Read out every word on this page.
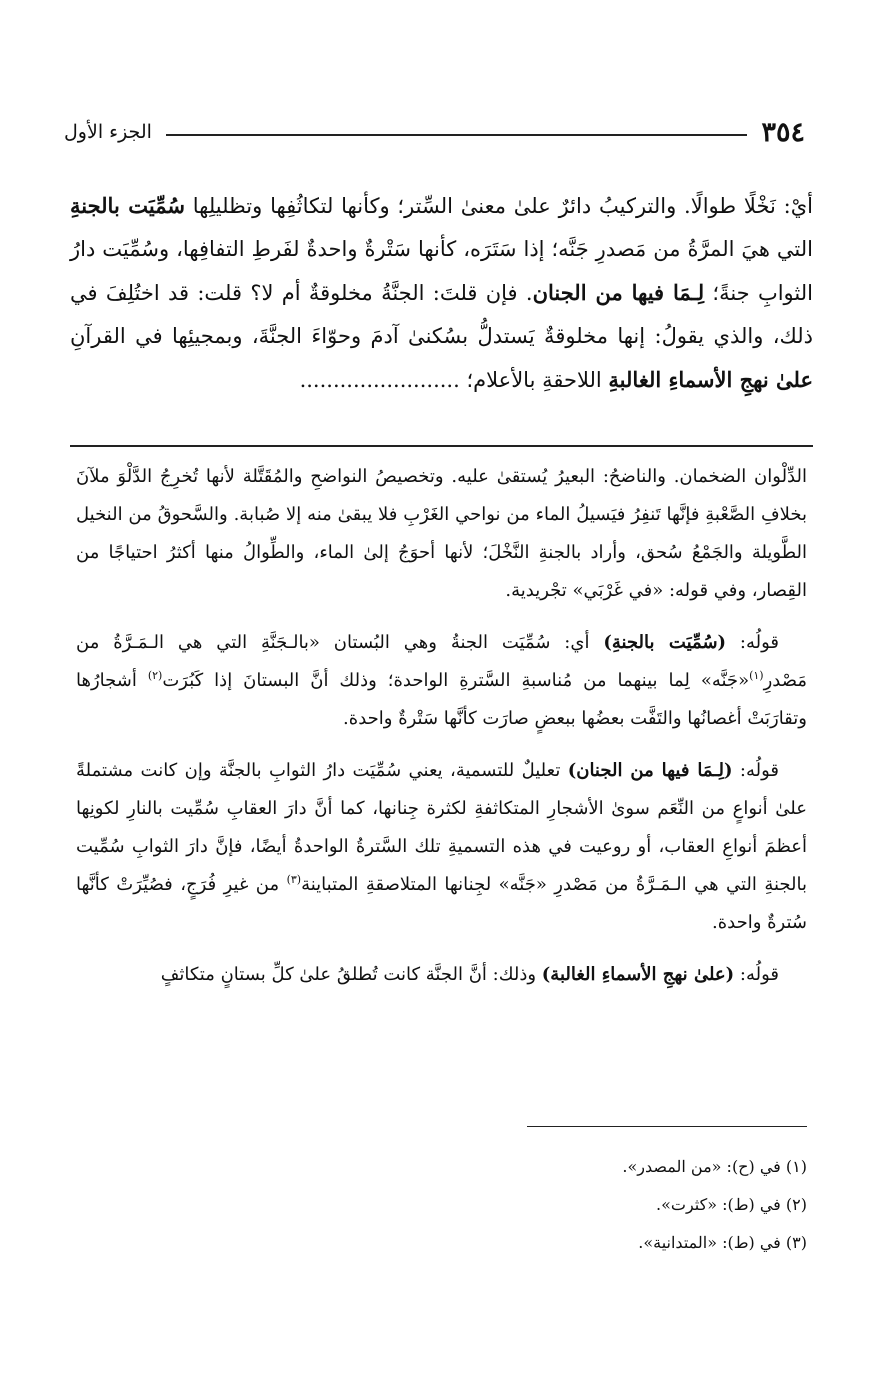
٣٥٤
الجزء الأول

أيْ: نَخْلًا طوالًا. والتركيبُ دائرٌ علىٰ معنىٰ السِّتر؛ وكأنها لتكاثُفِها وتظليلِها سُمِّيَت بالجنةِ التي هيَ المرَّةُ من مَصدرِ جَنَّه؛ إذا سَتَرَه، كأنها سَتْرةٌ واحدةٌ لفَرطِ التفافِها، وسُمِّيَت دارُ الثوابِ جنةً؛ لِـمَا فيها من الجنان. فإن قلتَ: الجنَّةُ مخلوقةٌ أم لا؟ قلت: قد اختُلِفَ في ذلك، والذي يقولُ: إنها مخلوقةٌ يَستدلُّ بسُكنىٰ آدمَ وحوّاءَ الجنَّةَ، وبمجيئِها في القرآنِ علىٰ نهجِ الأسماءِ الغالبةِ اللاحقةِ بالأعلام؛ ........................

الدِّلْوان الضخمان. والناضحُ: البعيرُ يُستقىٰ عليه. وتخصيصُ النواضحِ والمُقَتَّلة لأنها تُخرِجُ الدَّلْوَ ملآنَ بخلافِ الصَّعْبةِ فإنَّها تَنفِرُ فيَسيلُ الماء من نواحي الغَرْبِ فلا يبقىٰ منه إلا صُبابة. والسَّحوقُ من النخيل الطَّويلة والجَمْعُ سُحق، وأراد بالجنةِ النَّخْلَ؛ لأنها أحوَجُ إلىٰ الماء، والطِّوالُ منها أكثرُ احتياجًا من القِصار، وفي قوله: «في غَرْبَي» تجْريدية.

قولُه: (سُمِّيَت بالجنةِ) أي: سُمِّيَت الجنةُ وهي البُستان «بالـجَنَّةِ التي هي الـمَـرَّةُ من مَصْدرِ$^{(١)}$«جَنَّه» لِما بينهما من مُناسبةِ السَّترةِ الواحدة؛ وذلك أنَّ البستانَ إذا كَبُرَت$^{(٢)}$ أشجارُها وتقارَبَتْ أغصانُها والتَفَّت بعضُها ببعضٍ صارَت كأنَّها سَتْرةٌ واحدة.

قولُه: (لِـمَا فيها من الجنان) تعليلٌ للتسمية، يعني سُمِّيَت دارُ الثوابِ بالجنَّة وإن كانت مشتملةً علىٰ أنواعٍ من النِّعَم سوىٰ الأشجارِ المتكاثفةِ لكثرة جِنانها، كما أنَّ دارَ العقابِ سُمِّيت بالنارِ لكونِها أعظمَ أنواعِ العقاب، أو روعيت في هذه التسميةِ تلك السَّترةُ الواحدةُ أيضًا، فإنَّ دارَ الثوابِ سُمِّيت بالجنةِ التي هي الـمَـرَّةُ من مَصْدرِ «جَنَّه» لجِنانها المتلاصقةِ المتباينة$^{(٣)}$ من غيرِ فُرَجٍ، فصُيِّرَتْ كأنَّها سُترةٌ واحدة.

قولُه: (علىٰ نهجِ الأسماءِ الغالبة) وذلك: أنَّ الجنَّة كانت تُطلقُ علىٰ كلِّ بستانٍ متكاثفٍ

(١) في (ح): «من المصدر».
(٢) في (ط): «كثرت».
(٣) في (ط): «المتدانية».
